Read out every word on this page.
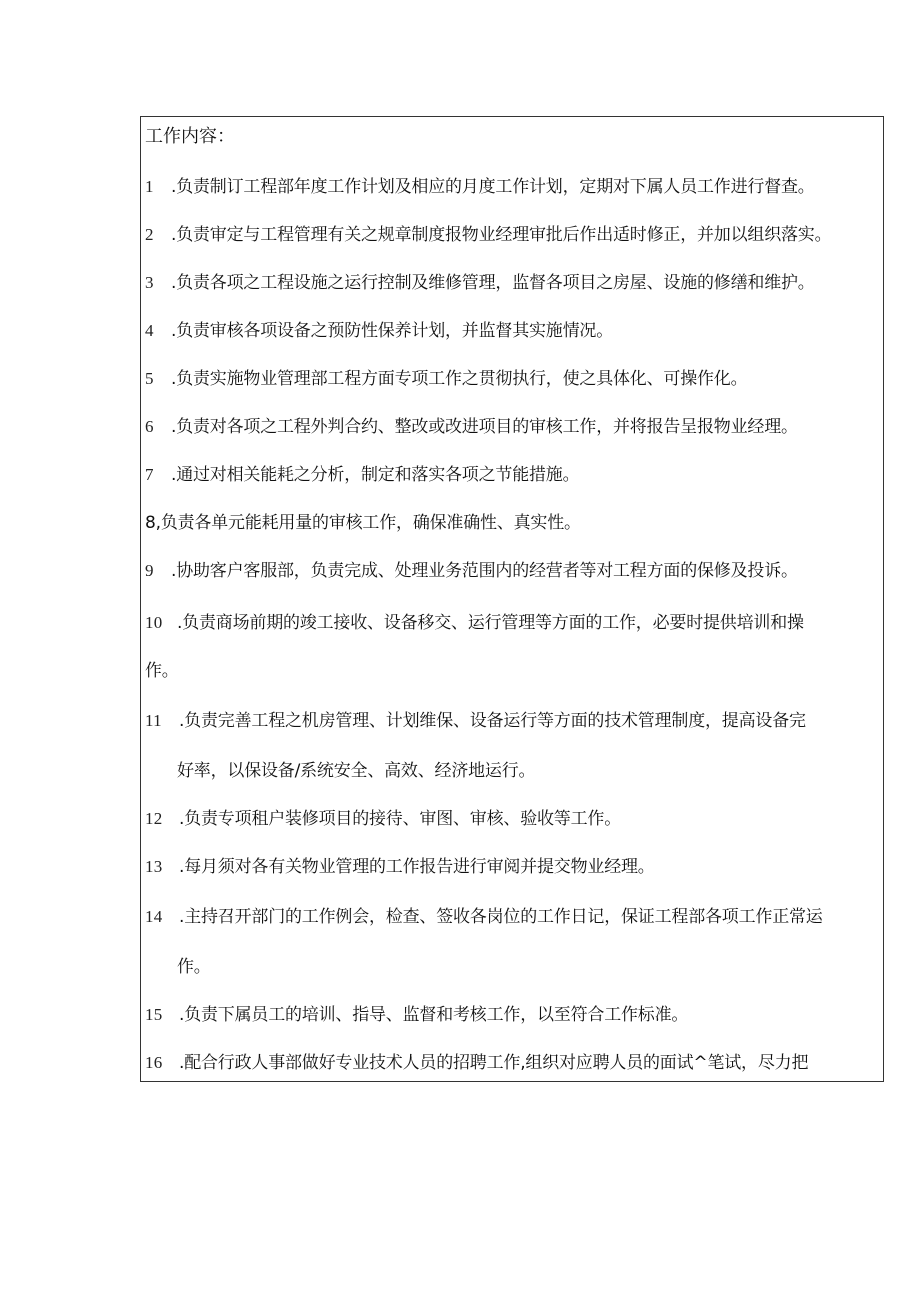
工作内容：
1 .负责制订工程部年度工作计划及相应的月度工作计划，定期对下属人员工作进行督查。
2 .负责审定与工程管理有关之规章制度报物业经理审批后作出适时修正，并加以组织落实。
3 .负责各项之工程设施之运行控制及维修管理，监督各项目之房屋、设施的修缮和维护。
4 .负责审核各项设备之预防性保养计划，并监督其实施情况。
5 .负责实施物业管理部工程方面专项工作之贯彻执行，使之具体化、可操作化。
6 .负责对各项之工程外判合约、整改或改进项目的审核工作，并将报告呈报物业经理。
7 .通过对相关能耗之分析，制定和落实各项之节能措施。
8,负责各单元能耗用量的审核工作，确保准确性、真实性。
9 .协助客户客服部，负责完成、处理业务范围内的经营者等对工程方面的保修及投诉。
10 .负责商场前期的竣工接收、设备移交、运行管理等方面的工作，必要时提供培训和操
作。
11 .负责完善工程之机房管理、计划维保、设备运行等方面的技术管理制度，提高设备完
好率，以保设备/系统安全、高效、经济地运行。
12 .负责专项租户装修项目的接待、审图、审核、验收等工作。
13 .每月须对各有关物业管理的工作报告进行审阅并提交物业经理。
14 .主持召开部门的工作例会，检查、签收各岗位的工作日记，保证工程部各项工作正常运
作。
15 .负责下属员工的培训、指导、监督和考核工作，以至符合工作标准。
16 .配合行政人事部做好专业技术人员的招聘工作,组织对应聘人员的面试^笔试，尽力把
